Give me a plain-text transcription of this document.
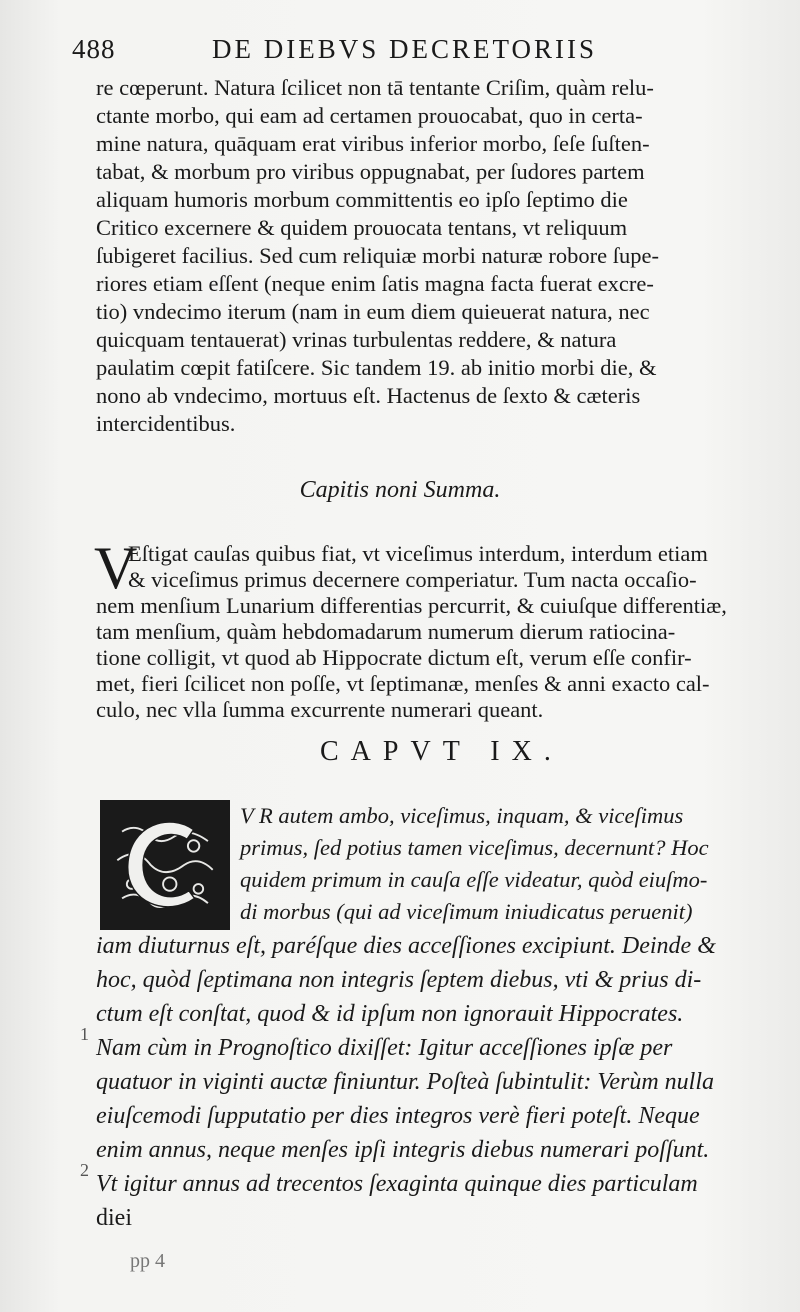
488	DE DIEBVS DECRETORIIS
re cœperunt. Natura ſcilicet non tā tentante Criſim, quàm relu-
ctante morbo, qui eam ad certamen prouocabat, quo in certa-
mine natura, quāquam erat viribus inferior morbo, ſeſe ſuſten-
tabat, & morbum pro viribus oppugnabat, per ſudores partem
aliquam humoris morbum committentis eo ipſo ſeptimo die
Critico excernere & quidem prouocata tentans, vt reliquum
ſubigeret facilius. Sed cum reliquiæ morbi naturæ robore ſupe-
riores etiam eſſent (neque enim ſatis magna facta fuerat excre-
tio) vndecimo iterum (nam in eum diem quieuerat natura, nec
quicquam tentauerat) vrinas turbulentas reddere, & natura
paulatim cœpit fatiſcere. Sic tandem 19. ab initio morbi die, &
nono ab vndecimo, mortuus eſt. Hactenus de ſexto & cæteris
intercidentibus.
Capitis noni Summa.
V
Eſtigat cauſas quibus fiat, vt viceſimus interdum, interdum etiam
& viceſimus primus decernere comperiatur. Tum nacta occaſio-
nem menſium Lunarium differentias percurrit, & cuiuſque differentiæ,
tam menſium, quàm hebdomadarum numerum dierum ratiocina-
tione colligit, vt quod ab Hippocrate dictum eſt, verum eſſe confir-
met, fieri ſcilicet non poſſe, vt ſeptimanæ, menſes & anni exacto cal-
culo, nec vlla ſumma excurrente numerari queant.
CAPVT IX.
V R autem ambo, viceſimus, inquam, & viceſimus
primus, ſed potius tamen viceſimus, decernunt? Hoc
quidem primum in cauſa eſſe videatur, quòd eiuſmo-
di morbus (qui ad viceſimum iniudicatus peruenit)
iam diuturnus eſt, paréſque dies acceſſiones excipiunt. Deinde &
hoc, quòd ſeptimana non integris ſeptem diebus, vti & prius di-
ctum eſt conſtat, quod & id ipſum non ignorauit Hippocrates.
Nam cùm in Prognoſtico dixiſſet: Igitur acceſſiones ipſæ per
quatuor in viginti auctæ finiuntur. Poſteà ſubintulit: Verùm nulla
eiuſcemodi ſupputatio per dies integros verè fieri poteſt. Neque
enim annus, neque menſes ipſi integris diebus numerari poſſunt.
Vt igitur annus ad trecentos ſexaginta quinque dies particulam
diei
1
2
pp 4
